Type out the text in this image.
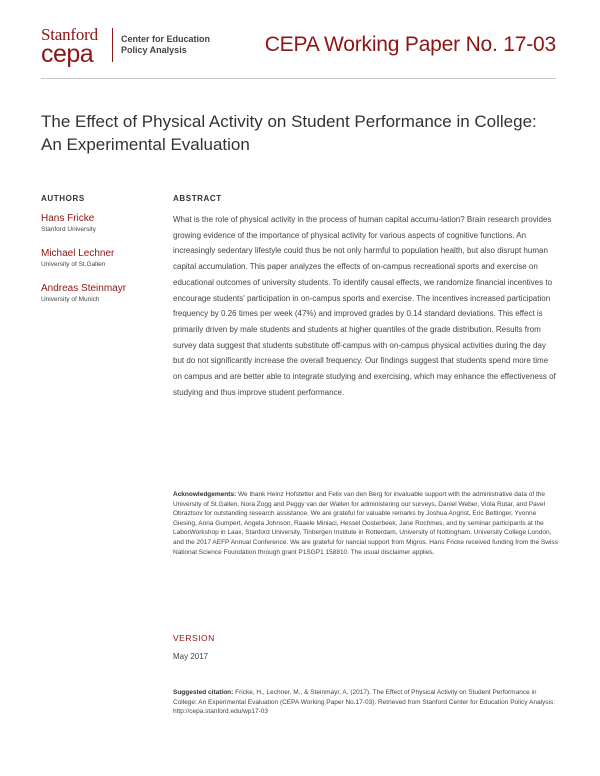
Stanford
cepa
Center for Education
Policy Analysis	CEPA Working Paper No. 17-03
The Effect of Physical Activity on Student Performance in College:
An Experimental Evaluation
AUTHORS	ABSTRACT
Hans Fricke
Stanford University
Michael Lechner
University of St.Gallen
Andreas Steinmayr
University of Munich

What is the role of physical activity in the process of human capital accumu-lation? Brain research provides growing evidence of the importance of physical activity for various aspects of cognitive functions. An increasingly sedentary lifestyle could thus be not only harmful to population health, but also disrupt human capital accumulation. This paper analyzes the effects of on-campus recreational sports and exercise on educational outcomes of university students. To identify causal effects, we randomize financial incentives to encourage students' participation in on-campus sports and exercise. The incentives increased participation frequency by 0.26 times per week (47%) and improved grades by 0.14 standard deviations. This effect is primarily driven by male students and students at higher quantiles of the grade distribution. Results from survey data suggest that students substitute off-campus with on-campus physical activities during the day but do not significantly increase the overall frequency. Our findings suggest that students spend more time on campus and are better able to integrate studying and exercising, which may enhance the effectiveness of studying and thus improve student performance.

Acknowledgements: We thank Heinz Hofstetter and Felix van den Berg for invaluable support with the administrative data of the University of St.Gallen, Nora Zogg and Peggy van der Wallen for administering our surveys, Daniel Weber, Viola Rutar, and Pavel Obraztsov for outstanding research assistance. We are grateful for valuable remarks by Joshua Angrist, Eric Bettinger, Yvonne Giesing, Anna Gumpert, Angela Johnson, Raaele Miniaci, Hessel Oosterbeek, Jane Rochmes, and by seminar participants at the LaborWorkshop in Laax, Stanford University, Tinbergen Institute in Rotterdam, University of Nottingham, University College London, and the 2017 AEFP Annual Conference. We are grateful for nancial support from Migros. Hans Fricke received funding from the Swiss National Science Foundation through grant P1SGP1 158810. The usual disclaimer applies.

VERSION
May 2017

Suggested citation: Fricke, H., Lechner, M., & Steinmayr, A. (2017). The Effect of Physical Activity on Student Performance in College: An Experimental Evaluation (CEPA Working Paper No.17-03). Retrieved from Stanford Center for Education Policy Analysis: http://cepa.stanford.edu/wp17-03
